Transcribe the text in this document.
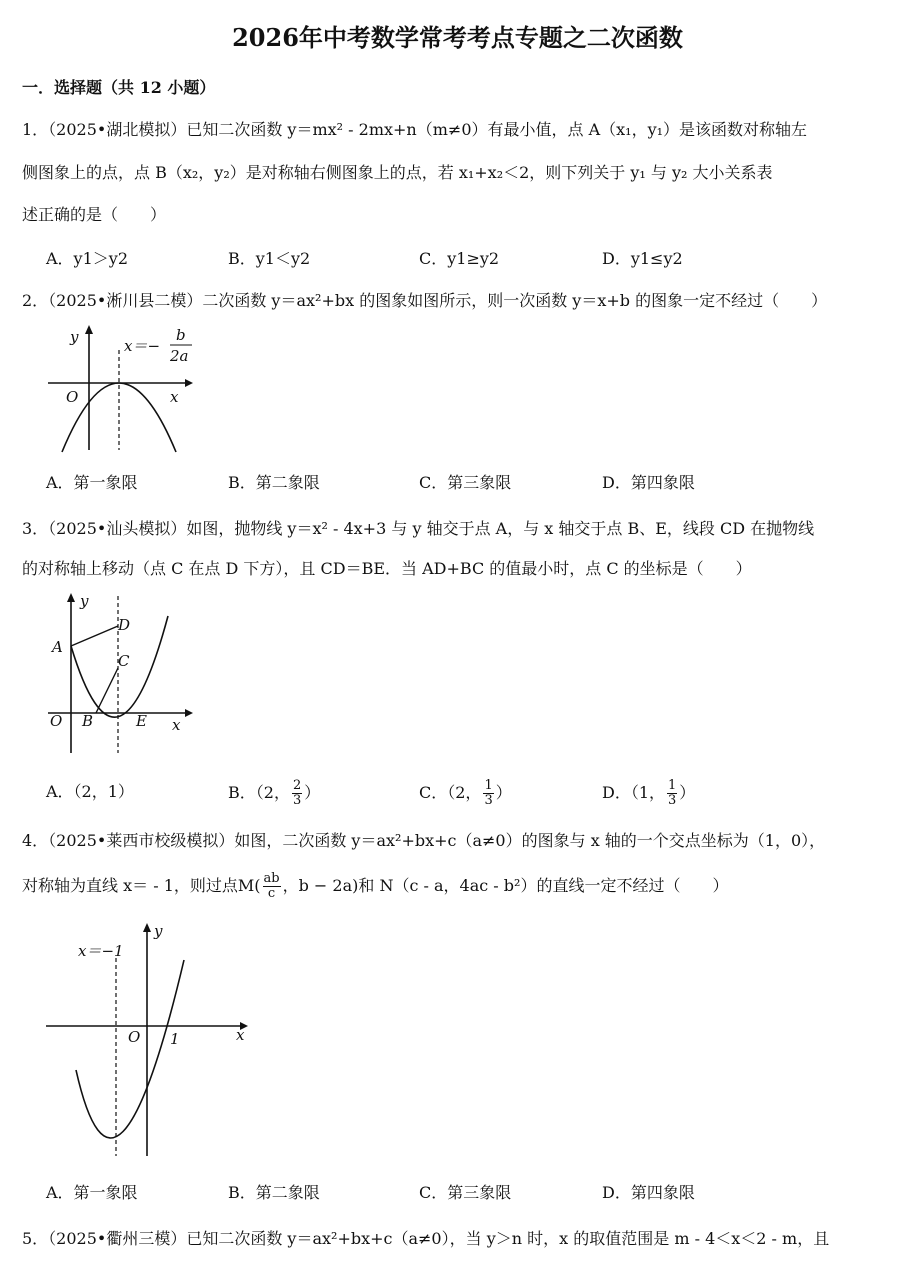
2026年中考数学常考考点专题之二次函数
一．选择题（共 12 小题）
1．（2025•湖北模拟）已知二次函数 y＝mx² - 2mx+n（m≠0）有最小值，点 A（x₁，y₁）是该函数对称轴左
侧图象上的点，点 B（x₂，y₂）是对称轴右侧图象上的点，若 x₁+x₂＜2，则下列关于 y₁ 与 y₂ 大小关系表
述正确的是（　　）
A．y1＞y2	B．y1＜y2	C．y1≥y2	D．y1≤y2
2．（2025•淅川县二模）二次函数 y＝ax²+bx 的图象如图所示，则一次函数 y＝x+b 的图象一定不经过（　　）
y
x
O
x＝−
b
2a
A．第一象限	B．第二象限	C．第三象限	D．第四象限
3．（2025•汕头模拟）如图，抛物线 y＝x² - 4x+3 与 y 轴交于点 A，与 x 轴交于点 B、E，线段 CD 在抛物线
的对称轴上移动（点 C 在点 D 下方），且 CD＝BE．当 AD+BC 的值最小时，点 C 的坐标是（　　）
y
D
A
C
O B	E x
A．（2，1）	B．（2， $\frac{2}{3}$ ）	C．（2， $\frac{1}{3}$ ）	D．（1， $\frac{1}{3}$ ）
4．（2025•莱西市校级模拟）如图，二次函数 y＝ax²+bx+c（a≠0）的图象与 x 轴的一个交点坐标为（1，0），
对称轴为直线 x＝ - 1，则过点$M( \frac{ab}{c}$ ，b − 2a)和 N（c - a，4ac - b²）的直线一定不经过（　　）
y
x＝−1
O 1	x
A．第一象限	B．第二象限	C．第三象限	D．第四象限
5．（2025•衢州三模）已知二次函数 y＝ax²+bx+c（a≠0），当 y＞n 时，x 的取值范围是 m - 4＜x＜2 - m，且
